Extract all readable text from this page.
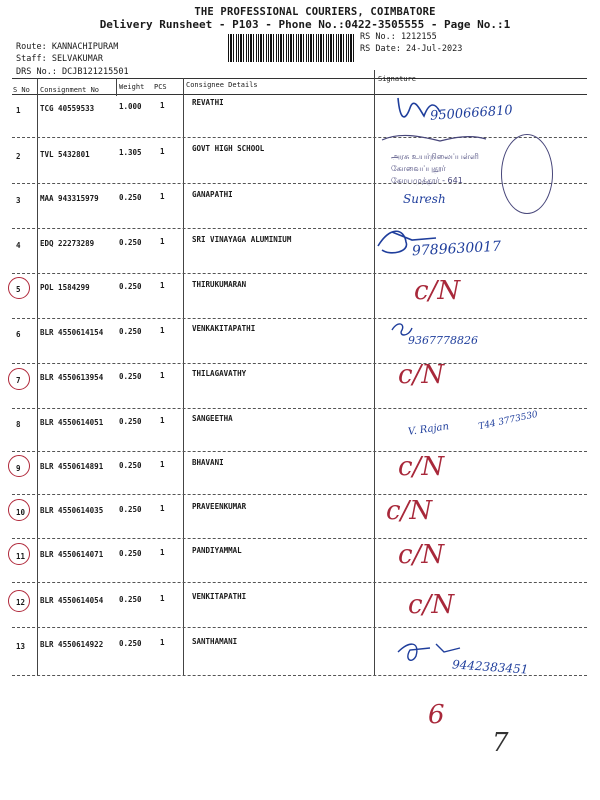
THE PROFESSIONAL COURIERS, COIMBATORE
Delivery Runsheet - P103 - Phone No.:0422-3505555 - Page No.:1
Route: KANNACHIPURAM
Staff: SELVAKUMAR
DRS No.: DCJB121215501
RS No.: 1212155
RS Date: 24-Jul-2023
S No Consignment No	Weight PCS	Consignee Details
Signature
1	TCG 40559533	1.000 1	REVATHI
2	TVL 5432801	1.305 1	GOVT HIGH SCHOOL
3	MAA 943315979	0.250 1	GANAPATHI
4	EDQ 22273289	0.250 1	SRI VINAYAGA ALUMINIUM
5	POL 1584299	0.250 1	THIRUKUMARAN
6	BLR 4550614154 0.250 1	VENKAKITAPATHI
7	BLR 4550613954 0.250 1	THILAGAVATHY
8	BLR 4550614051 0.250 1	SANGEETHA
9	BLR 4550614891 0.250 1	BHAVANI
10	BLR 4550614035 0.250 1	PRAVEENKUMAR
11	BLR 4550614071 0.250 1	PANDIYAMMAL
12	BLR 4550614054 0.250 1	VENKITAPATHI
13	BLR 4550614922 0.250 1	SANTHAMANI
9500666810
9789630017
9367778826
V. Rajan	T44 3773530
9442383451
அரசு உயர்நிலைப்பள்ளி
கோவைப்புதூர்
கோயமுத்தூர் - 641
Suresh
c/N
c/N
c/N
c/N
c/N
c/N
6
7
